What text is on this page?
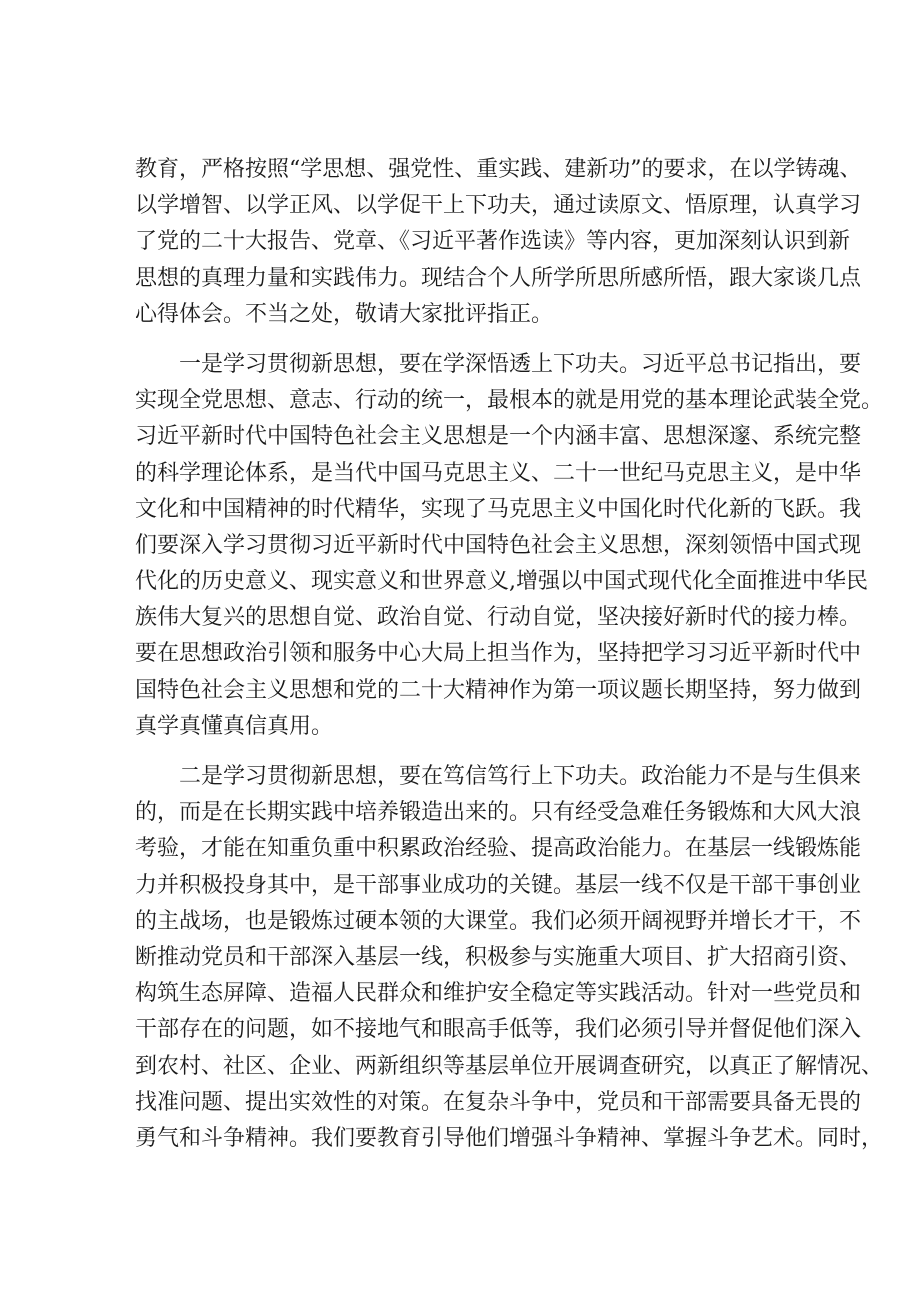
教育，严格按照“学思想、强党性、重实践、建新功”的要求，在以学铸魂、
以学增智、以学正风、以学促干上下功夫，通过读原文、悟原理，认真学习
了党的二十大报告、党章、《习近平著作选读》等内容，更加深刻认识到新
思想的真理力量和实践伟力。现结合个人所学所思所感所悟，跟大家谈几点
心得体会。不当之处，敬请大家批评指正。
一是学习贯彻新思想，要在学深悟透上下功夫。习近平总书记指出，要
实现全党思想、意志、行动的统一，最根本的就是用党的基本理论武装全党。
习近平新时代中国特色社会主义思想是一个内涵丰富、思想深邃、系统完整
的科学理论体系，是当代中国马克思主义、二十一世纪马克思主义，是中华
文化和中国精神的时代精华，实现了马克思主义中国化时代化新的飞跃。我
们要深入学习贯彻习近平新时代中国特色社会主义思想，深刻领悟中国式现
代化的历史意义、现实意义和世界意义,增强以中国式现代化全面推进中华民
族伟大复兴的思想自觉、政治自觉、行动自觉，坚决接好新时代的接力棒。
要在思想政治引领和服务中心大局上担当作为，坚持把学习习近平新时代中
国特色社会主义思想和党的二十大精神作为第一项议题长期坚持，努力做到
真学真懂真信真用。
二是学习贯彻新思想，要在笃信笃行上下功夫。政治能力不是与生俱来
的，而是在长期实践中培养锻造出来的。只有经受急难任务锻炼和大风大浪
考验，才能在知重负重中积累政治经验、提高政治能力。在基层一线锻炼能
力并积极投身其中，是干部事业成功的关键。基层一线不仅是干部干事创业
的主战场，也是锻炼过硬本领的大课堂。我们必须开阔视野并增长才干，不
断推动党员和干部深入基层一线，积极参与实施重大项目、扩大招商引资、
构筑生态屏障、造福人民群众和维护安全稳定等实践活动。针对一些党员和
干部存在的问题，如不接地气和眼高手低等，我们必须引导并督促他们深入
到农村、社区、企业、两新组织等基层单位开展调查研究，以真正了解情况、
找准问题、提出实效性的对策。在复杂斗争中，党员和干部需要具备无畏的
勇气和斗争精神。我们要教育引导他们增强斗争精神、掌握斗争艺术。同时，
